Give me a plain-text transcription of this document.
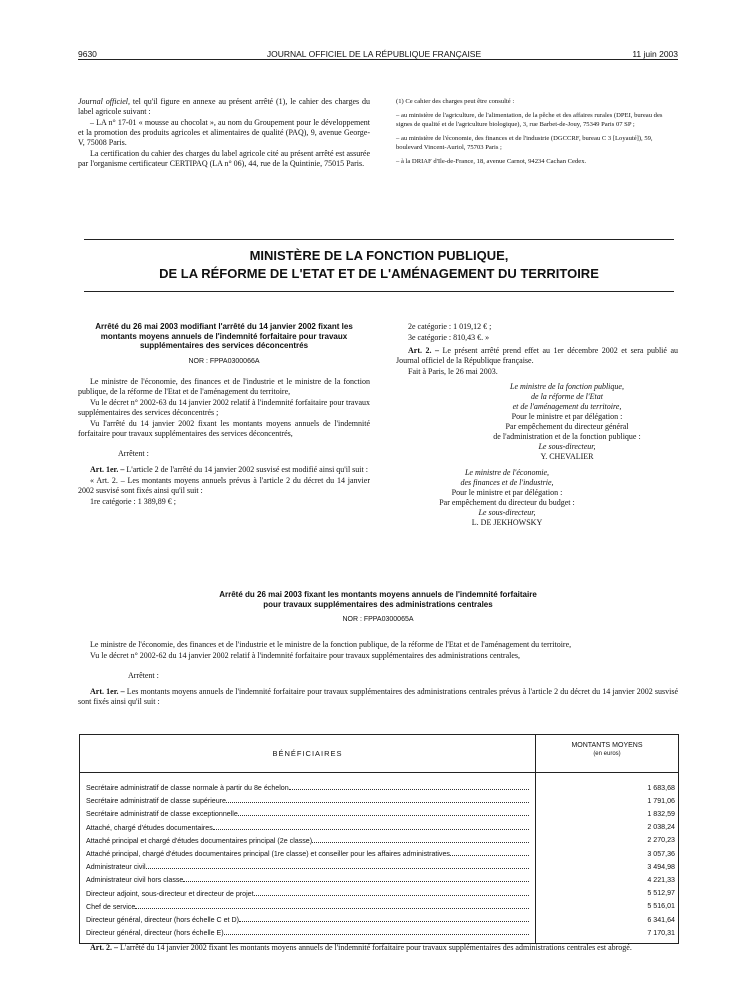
9630	JOURNAL OFFICIEL DE LA RÉPUBLIQUE FRANÇAISE	11 juin 2003

Journal officiel, tel qu'il figure en annexe au présent arrêté (1), le cahier des charges du label agricole suivant :

– LA n° 17-01 « mousse au chocolat », au nom du Groupement pour le développement et la promotion des produits agricoles et alimentaires de qualité (PAQ), 9, avenue George-V, 75008 Paris.

La certification du cahier des charges du label agricole cité au présent arrêté est assurée par l'organisme certificateur CERTIPAQ (LA n° 06), 44, rue de la Quintinie, 75015 Paris.

(1) Ce cahier des charges peut être consulté :

– au ministère de l'agriculture, de l'alimentation, de la pêche et des affaires rurales (DPEI, bureau des signes de qualité et de l'agriculture biologique), 3, rue Barbet-de-Jouy, 75349 Paris 07 SP ;

– au ministère de l'économie, des finances et de l'industrie (DGCCRF, bureau C 3 [Loyauté]), 59, boulevard Vincent-Auriol, 75703 Paris ;

– à la DRIAF d'Ile-de-France, 18, avenue Carnot, 94234 Cachan Cedex.

MINISTÈRE DE LA FONCTION PUBLIQUE,
DE LA RÉFORME DE L'ETAT ET DE L'AMÉNAGEMENT DU TERRITOIRE
Arrêté du 26 mai 2003 modifiant l'arrêté du 14 janvier 2002 fixant les montants moyens annuels de l'indemnité forfaitaire pour travaux supplémentaires des services déconcentrés
NOR : FPPA0300066A

Le ministre de l'économie, des finances et de l'industrie et le ministre de la fonction publique, de la réforme de l'Etat et de l'aménagement du territoire,

Vu le décret n° 2002-63 du 14 janvier 2002 relatif à l'indemnité forfaitaire pour travaux supplémentaires des services déconcentrés ;

Vu l'arrêté du 14 janvier 2002 fixant les montants moyens annuels de l'indemnité forfaitaire pour travaux supplémentaires des services déconcentrés,

Arrêtent :

Art. 1er. – L'article 2 de l'arrêté du 14 janvier 2002 susvisé est modifié ainsi qu'il suit :

« Art. 2. – Les montants moyens annuels prévus à l'article 2 du décret du 14 janvier 2002 susvisé sont fixés ainsi qu'il suit :

1re catégorie : 1 389,89 € ;

2e catégorie : 1 019,12 € ;

3e catégorie : 810,43 €. »

Art. 2. – Le présent arrêté prend effet au 1er décembre 2002 et sera publié au Journal officiel de la République française.

Fait à Paris, le 26 mai 2003.

Le ministre de la fonction publique,
de la réforme de l'Etat
et de l'aménagement du territoire,
Pour le ministre et par délégation :
Par empêchement du directeur général
de l'administration et de la fonction publique :
Le sous-directeur,
Y. CHEVALIER
Le ministre de l'économie,
des finances et de l'industrie,
Pour le ministre et par délégation :
Par empêchement du directeur du budget :
Le sous-directeur,
L. DE JEKHOWSKY
Arrêté du 26 mai 2003 fixant les montants moyens annuels de l'indemnité forfaitaire
pour travaux supplémentaires des administrations centrales
NOR : FPPA0300065A

Le ministre de l'économie, des finances et de l'industrie et le ministre de la fonction publique, de la réforme de l'Etat et de l'aménagement du territoire,

Vu le décret n° 2002-62 du 14 janvier 2002 relatif à l'indemnité forfaitaire pour travaux supplémentaires des administrations centrales,

Arrêtent :

Art. 1er. – Les montants moyens annuels de l'indemnité forfaitaire pour travaux supplémentaires des administrations centrales prévus à l'article 2 du décret du 14 janvier 2002 susvisé sont fixés ainsi qu'il suit :

BÉNÉFICIAIRES	MONTANTS MOYENS
(en euros)

Secrétaire administratif de classe normale à partir du 8e échelon	1 683,68
Secrétaire administratif de classe supérieure	1 791,06
Secrétaire administratif de classe exceptionnelle	1 832,59
Attaché, chargé d'études documentaires	2 038,24
Attaché principal et chargé d'études documentaires principal (2e classe)	2 270,23
Attaché principal, chargé d'études documentaires principal (1re classe) et conseiller pour les affaires administratives	3 057,36
Administrateur civil	3 494,98
Administrateur civil hors classe	4 221,33
Directeur adjoint, sous-directeur et directeur de projet	5 512,97
Chef de service	5 516,01
Directeur général, directeur (hors échelle C et D)	6 341,64
Directeur général, directeur (hors échelle E)	7 170,31

Art. 2. – L'arrêté du 14 janvier 2002 fixant les montants moyens annuels de l'indemnité forfaitaire pour travaux supplémentaires des administrations centrales est abrogé.
